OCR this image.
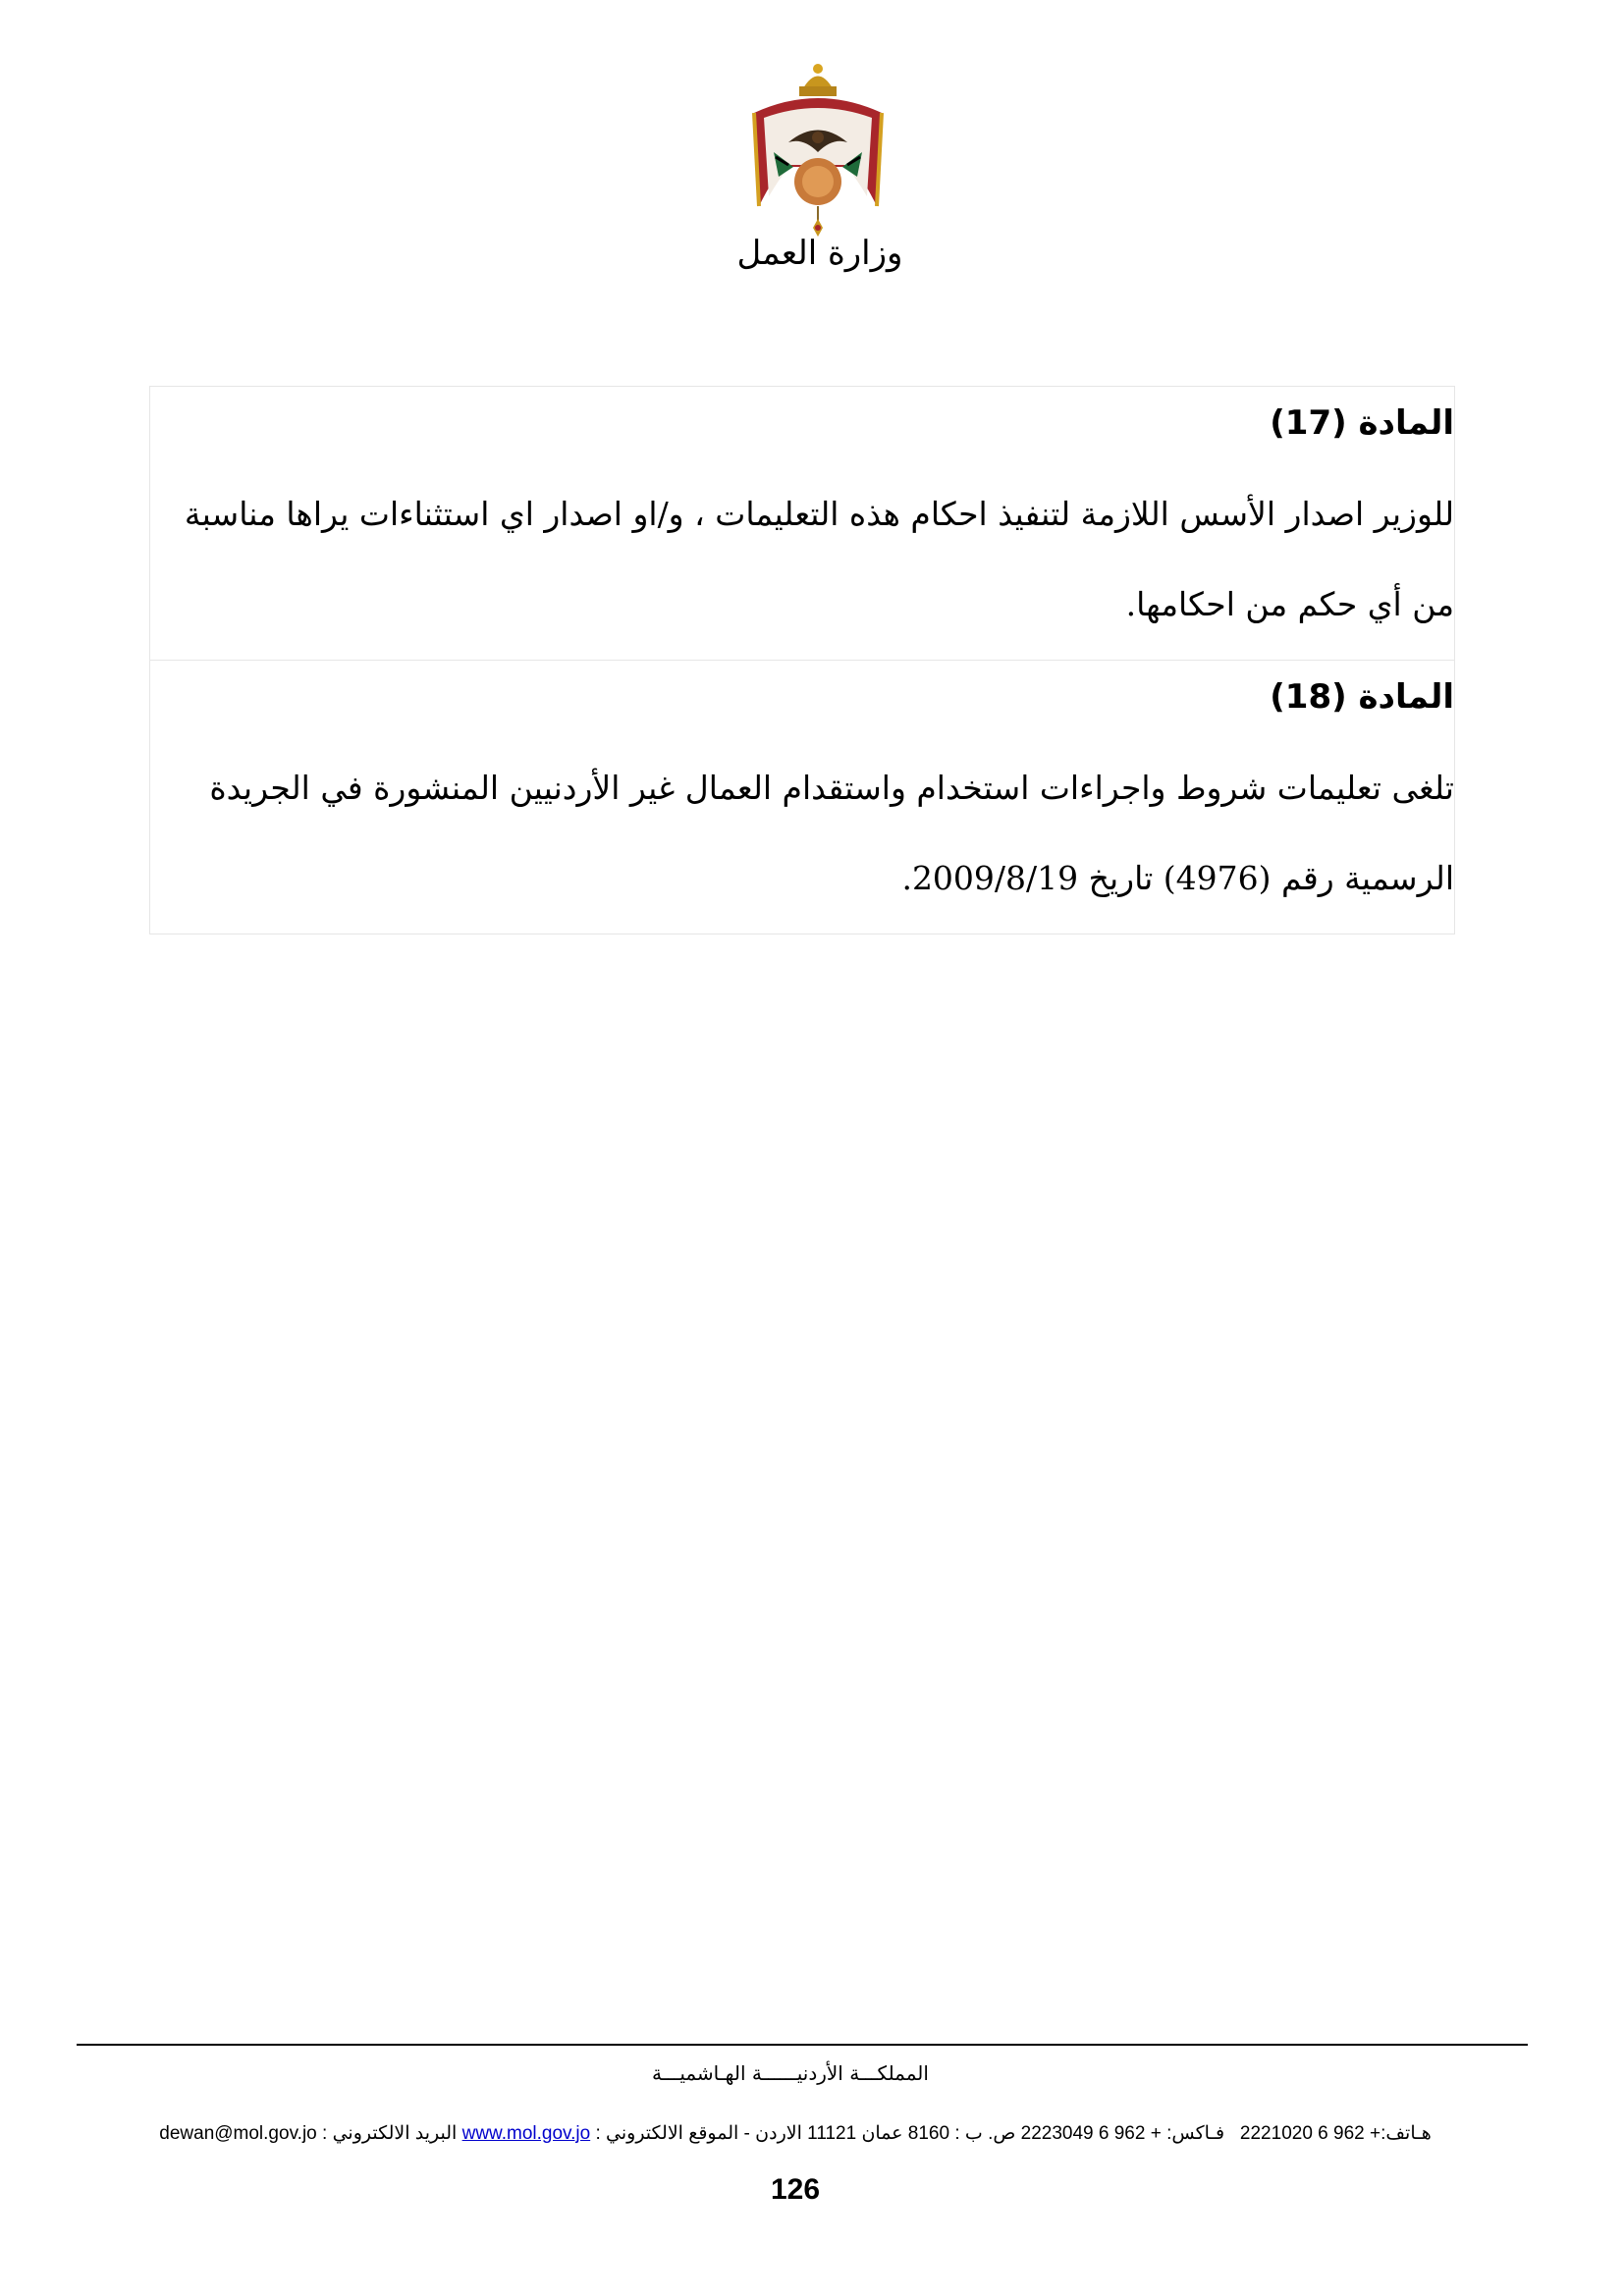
وزارة العمل

المادة (17)

للوزير اصدار الأسس اللازمة لتنفيذ احكام هذه التعليمات ، و/او اصدار اي استثناءات يراها مناسبة من أي حكم من احكامها.

المادة (18)

تلغى تعليمات شروط واجراءات استخدام واستقدام العمال غير الأردنيين المنشورة في الجريدة الرسمية رقم (4976) تاريخ 2009/8/19.

المملكـــة الأردنيــــــة الهـاشميـــة
هـاتف:+ 962 6 2221020   فـاكس: + 962 6 2223049 ص. ب : 8160 عمان 11121 الاردن - الموقع الالكتروني : www.mol.gov.jo البريد الالكتروني : dewan@mol.gov.jo
126
